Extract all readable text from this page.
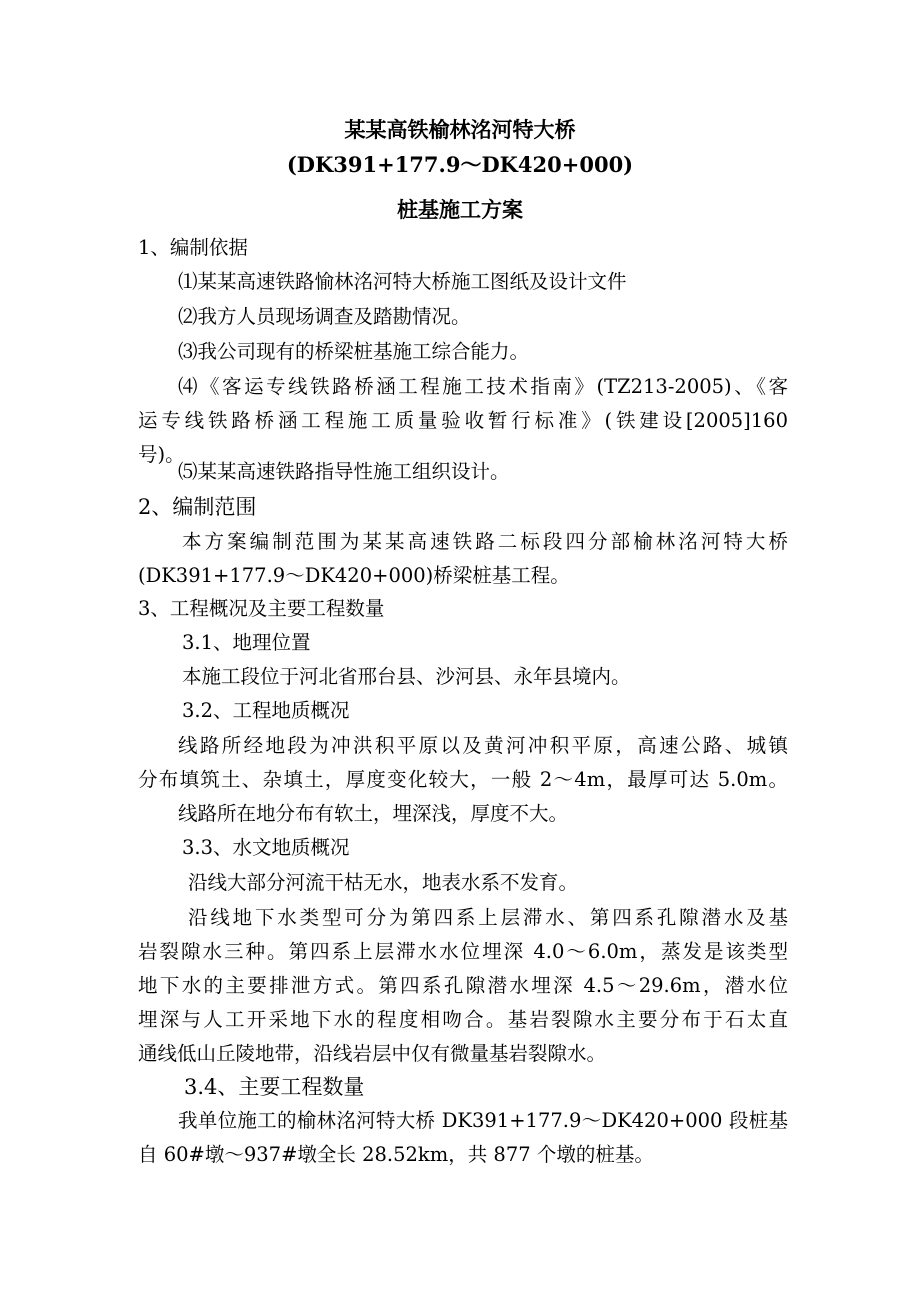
某某高铁榆林洺河特大桥
(DK391+177.9～DK420+000)
桩基施工方案
1、编制依据
⑴某某高速铁路愉林洺河特大桥施工图纸及设计文件
⑵我方人员现场调查及踏勘情况。
⑶我公司现有的桥梁桩基施工综合能力。
⑷《客运专线铁路桥涵工程施工技术指南》(TZ213-2005)、《客
运专线铁路桥涵工程施工质量验收暂行标准》(铁建设[2005]160
号)。
⑸某某高速铁路指导性施工组织设计。
2、编制范围
本方案编制范围为某某高速铁路二标段四分部榆林洺河特大桥
(DK391+177.9～DK420+000)桥梁桩基工程。
3、工程概况及主要工程数量
3.1、地理位置
本施工段位于河北省邢台县、沙河县、永年县境内。
3.2、工程地质概况
线路所经地段为冲洪积平原以及黄河冲积平原，高速公路、城镇
分布填筑土、杂填土，厚度变化较大，一般 2～4m，最厚可达 5.0m。
线路所在地分布有软土，埋深浅，厚度不大。
3.3、水文地质概况
沿线大部分河流干枯无水，地表水系不发育。
沿线地下水类型可分为第四系上层滞水、第四系孔隙潜水及基
岩裂隙水三种。第四系上层滞水水位埋深 4.0～6.0m，蒸发是该类型
地下水的主要排泄方式。第四系孔隙潜水埋深 4.5～29.6m，潜水位
埋深与人工开采地下水的程度相吻合。基岩裂隙水主要分布于石太直
通线低山丘陵地带，沿线岩层中仅有微量基岩裂隙水。
3.4、主要工程数量
我单位施工的榆林洺河特大桥 DK391+177.9～DK420+000 段桩基
自 60#墩～937#墩全长 28.52km，共 877 个墩的桩基。
